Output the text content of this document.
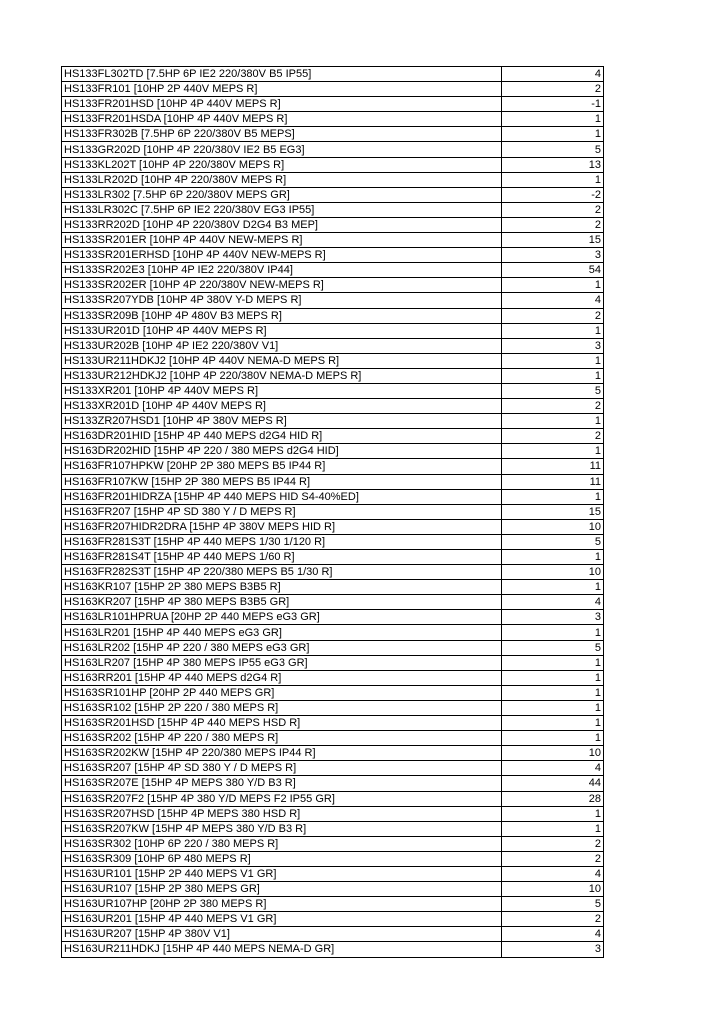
HS133FL302TD [7.5HP 6P IE2 220/380V B5 IP55]	4
HS133FR101 [10HP 2P 440V MEPS R]	2
HS133FR201HSD [10HP 4P 440V MEPS R]	-1
HS133FR201HSDA [10HP 4P 440V MEPS R]	1
HS133FR302B [7.5HP 6P 220/380V B5 MEPS]	1
HS133GR202D [10HP 4P 220/380V IE2 B5 EG3]	5
HS133KL202T [10HP 4P 220/380V MEPS R]	13
HS133LR202D [10HP 4P 220/380V MEPS R]	1
HS133LR302 [7.5HP 6P 220/380V MEPS GR]	-2
HS133LR302C [7.5HP 6P IE2 220/380V EG3 IP55]	2
HS133RR202D [10HP 4P 220/380V D2G4 B3 MEP]	2
HS133SR201ER [10HP 4P 440V NEW-MEPS R]	15
HS133SR201ERHSD [10HP 4P 440V NEW-MEPS R]	3
HS133SR202E3 [10HP 4P IE2 220/380V IP44]	54
HS133SR202ER [10HP 4P 220/380V NEW-MEPS R]	1
HS133SR207YDB [10HP 4P 380V Y-D MEPS R]	4
HS133SR209B [10HP 4P 480V B3 MEPS R]	2
HS133UR201D [10HP 4P 440V MEPS R]	1
HS133UR202B [10HP 4P IE2 220/380V V1]	3
HS133UR211HDKJ2 [10HP 4P 440V NEMA-D MEPS R]	1
HS133UR212HDKJ2 [10HP 4P 220/380V NEMA-D MEPS R]	1
HS133XR201 [10HP 4P 440V MEPS R]	5
HS133XR201D [10HP 4P 440V MEPS R]	2
HS133ZR207HSD1 [10HP 4P 380V MEPS R]	1
HS163DR201HID [15HP 4P 440 MEPS d2G4 HID R]	2
HS163DR202HID [15HP 4P 220 / 380 MEPS d2G4 HID]	1
HS163FR107HPKW [20HP 2P 380 MEPS B5 IP44 R]	11
HS163FR107KW [15HP 2P 380 MEPS B5 IP44 R]	11
HS163FR201HIDRZA [15HP 4P 440 MEPS HID S4-40%ED]	1
HS163FR207 [15HP 4P SD 380 Y / D MEPS R]	15
HS163FR207HIDR2DRA [15HP 4P 380V MEPS HID R]	10
HS163FR281S3T [15HP 4P 440 MEPS 1/30 1/120 R]	5
HS163FR281S4T [15HP 4P 440 MEPS 1/60 R]	1
HS163FR282S3T [15HP 4P 220/380 MEPS B5 1/30 R]	10
HS163KR107 [15HP 2P 380 MEPS B3B5 R]	1
HS163KR207 [15HP 4P 380 MEPS B3B5 GR]	4
HS163LR101HPRUA [20HP 2P 440 MEPS eG3 GR]	3
HS163LR201 [15HP 4P 440 MEPS eG3 GR]	1
HS163LR202 [15HP 4P 220 / 380 MEPS eG3 GR]	5
HS163LR207 [15HP 4P 380 MEPS IP55 eG3 GR]	1
HS163RR201 [15HP 4P 440 MEPS d2G4 R]	1
HS163SR101HP [20HP 2P 440 MEPS GR]	1
HS163SR102 [15HP 2P 220 / 380 MEPS R]	1
HS163SR201HSD [15HP 4P 440 MEPS HSD R]	1
HS163SR202 [15HP 4P 220 / 380 MEPS R]	1
HS163SR202KW [15HP 4P 220/380 MEPS IP44 R]	10
HS163SR207 [15HP 4P SD 380 Y / D MEPS R]	4
HS163SR207E [15HP 4P MEPS 380 Y/D B3 R]	44
HS163SR207F2 [15HP 4P 380 Y/D MEPS F2 IP55 GR]	28
HS163SR207HSD [15HP 4P MEPS 380 HSD R]	1
HS163SR207KW [15HP 4P MEPS 380 Y/D B3 R]	1
HS163SR302 [10HP 6P 220 / 380 MEPS R]	2
HS163SR309 [10HP 6P 480 MEPS R]	2
HS163UR101 [15HP 2P 440 MEPS V1 GR]	4
HS163UR107 [15HP 2P 380 MEPS GR]	10
HS163UR107HP [20HP 2P 380 MEPS R]	5
HS163UR201 [15HP 4P 440 MEPS V1 GR]	2
HS163UR207 [15HP 4P 380V V1]	4
HS163UR211HDKJ [15HP 4P 440 MEPS NEMA-D GR]	3
